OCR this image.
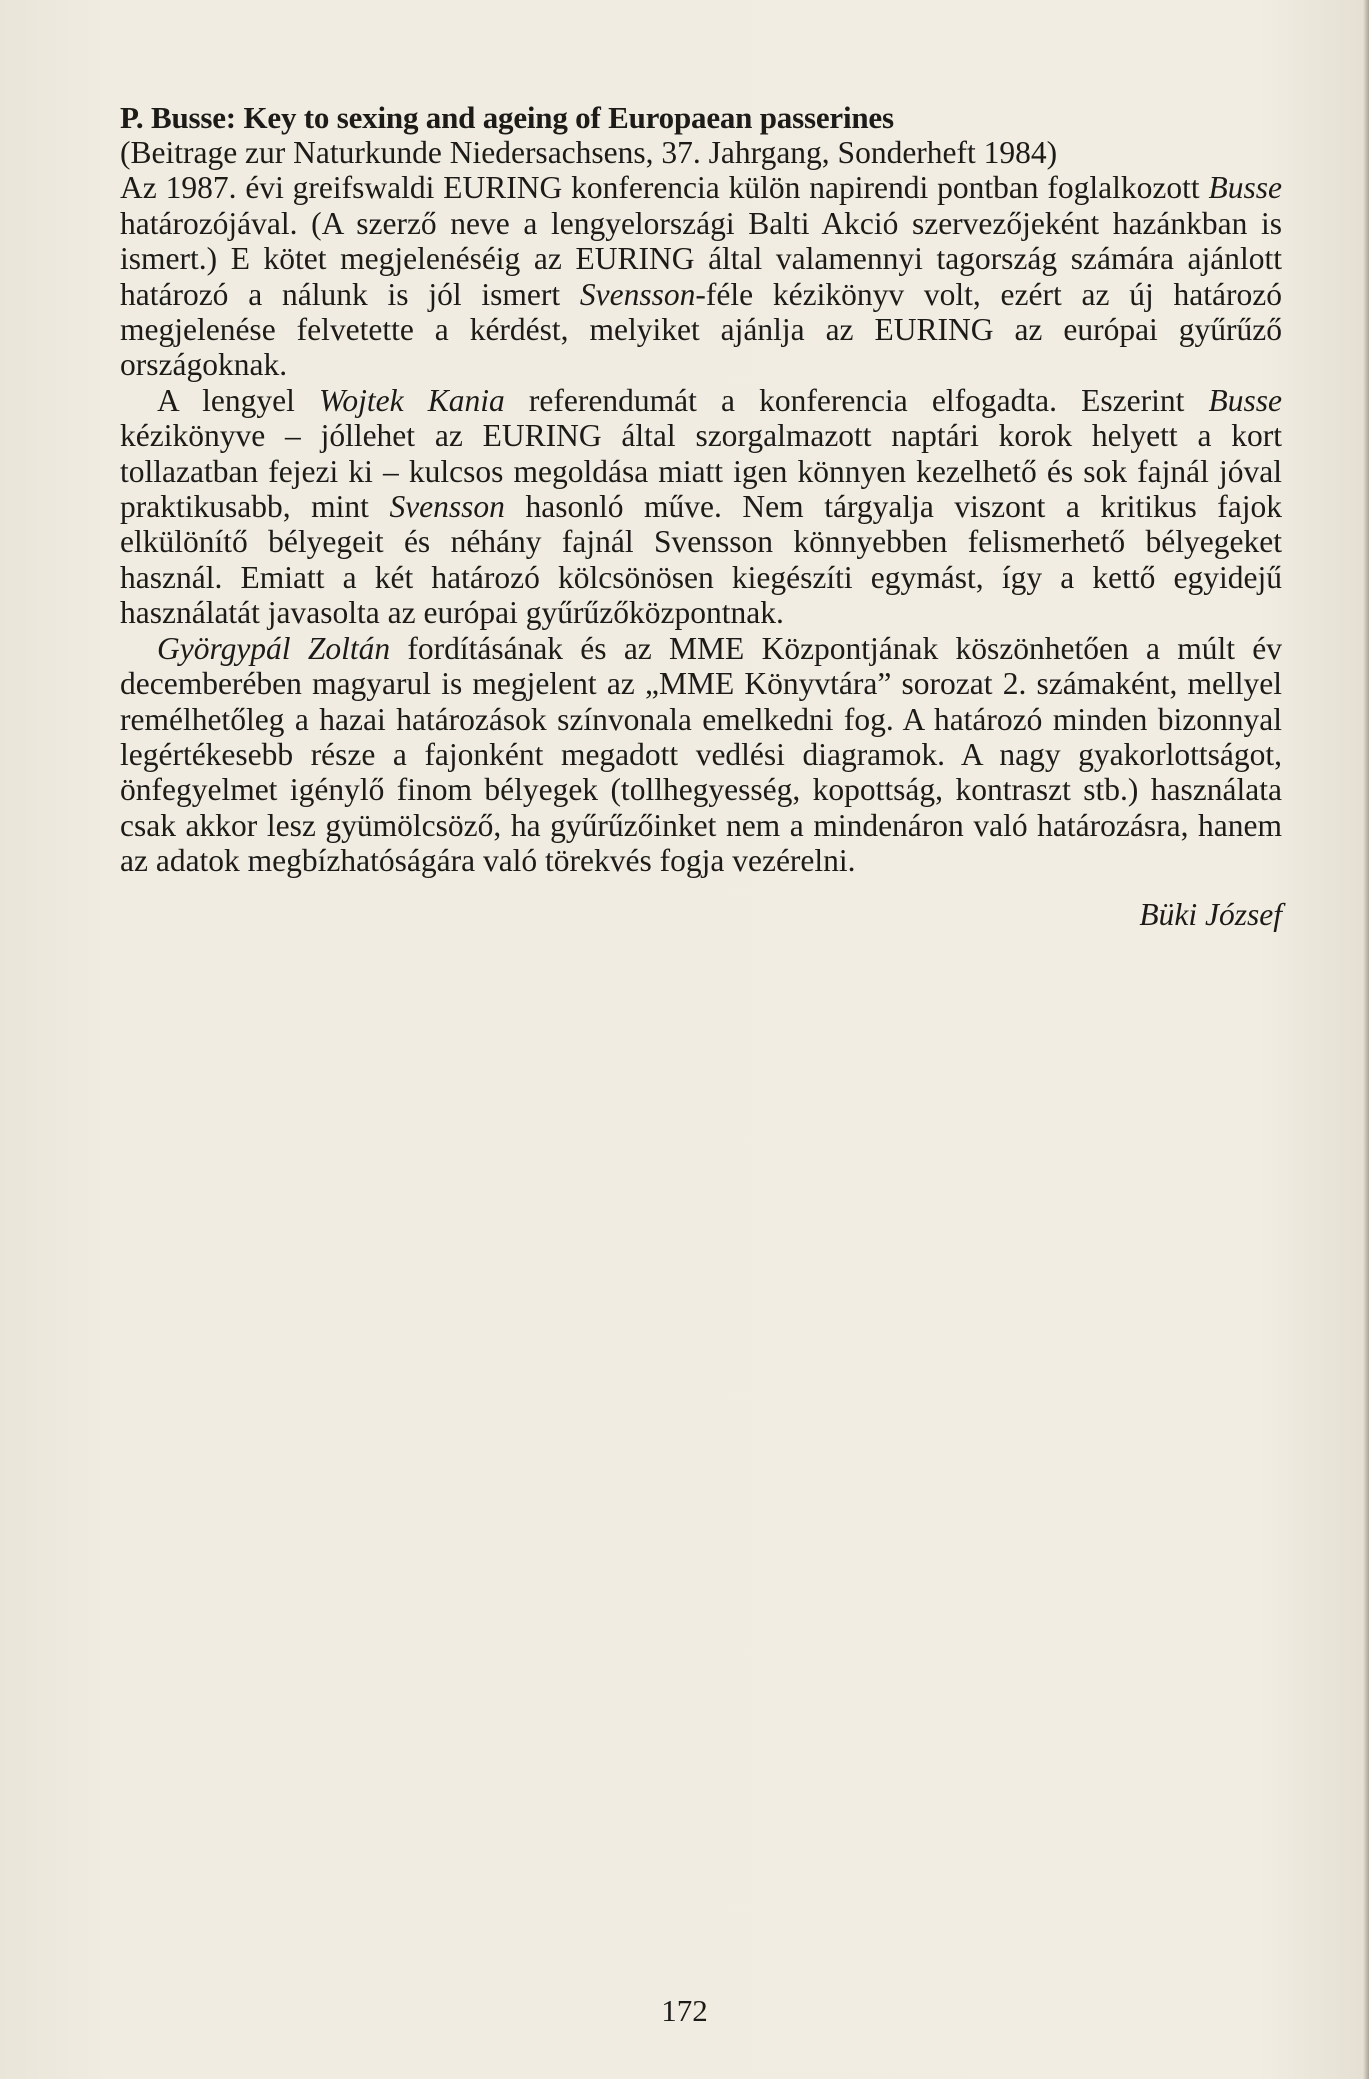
P. Busse: Key to sexing and ageing of Europaean passerines

(Beitrage zur Naturkunde Niedersachsens, 37. Jahrgang, Sonderheft 1984)

Az 1987. évi greifswaldi EURING konferencia külön napirendi pontban foglalkozott Busse határozójával. (A szerző neve a lengyelországi Balti Akció szervezőjeként hazánkban is ismert.) E kötet megjelenéséig az EURING által valamennyi tagország számára ajánlott határozó a nálunk is jól ismert Svensson-féle kézikönyv volt, ezért az új határozó megjelenése felvetette a kérdést, melyiket ajánlja az EURING az európai gyűrűző országoknak.

A lengyel Wojtek Kania referendumát a konferencia elfogadta. Eszerint Busse kézikönyve – jóllehet az EURING által szorgalmazott naptári korok helyett a kort tollazatban fejezi ki – kulcsos megoldása miatt igen könnyen kezelhető és sok fajnál jóval praktikusabb, mint Svensson hasonló műve. Nem tárgyalja viszont a kritikus fajok elkülönítő bélyegeit és néhány fajnál Svensson könnyebben felismerhető bélyegeket használ. Emiatt a két határozó kölcsönösen kiegészíti egymást, így a kettő egyidejű használatát javasolta az európai gyűrűzőközpontnak.

Györgypál Zoltán fordításának és az MME Központjának köszönhetően a múlt év decemberében magyarul is megjelent az „MME Könyvtára” sorozat 2. számaként, mellyel remélhetőleg a hazai határozások színvonala emelkedni fog. A határozó minden bizonnyal legértékesebb része a fajonként megadott vedlési diagramok. A nagy gyakorlottságot, önfegyelmet igénylő finom bélyegek (tollhegyesség, kopottság, kontraszt stb.) használata csak akkor lesz gyümölcsöző, ha gyűrűzőinket nem a mindenáron való határozásra, hanem az adatok megbízhatóságára való törekvés fogja vezérelni.

Büki József
172
